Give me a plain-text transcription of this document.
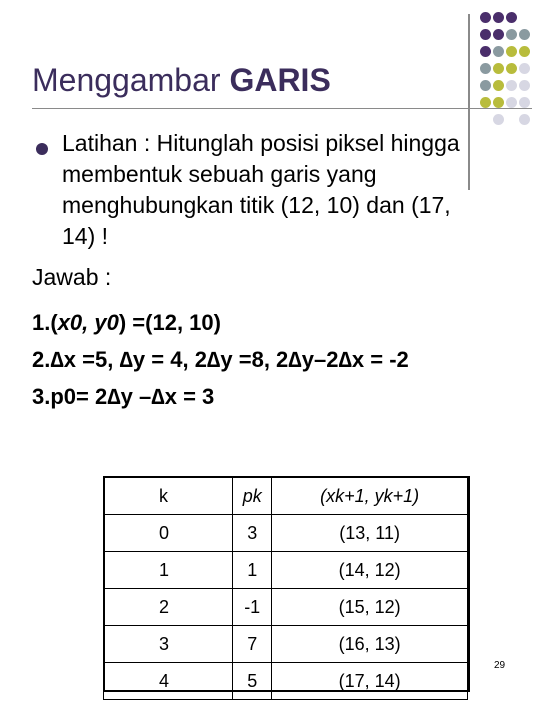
Menggambar GARIS
Latihan : Hitunglah posisi piksel hingga membentuk sebuah garis yang menghubungkan titik (12, 10) dan (17, 14) !
Jawab :
1.(x0, y0) =(12, 10)
2.∆x =5, ∆y = 4, 2∆y =8, 2∆y–2∆x = -2
3.p0= 2∆y –∆x = 3
k	pk	(xk+1, yk+1)
0	3	(13, 11)
1	1	(14, 12)
2	-1	(15, 12)
3	7	(16, 13)
4	5	(17, 14)
29
